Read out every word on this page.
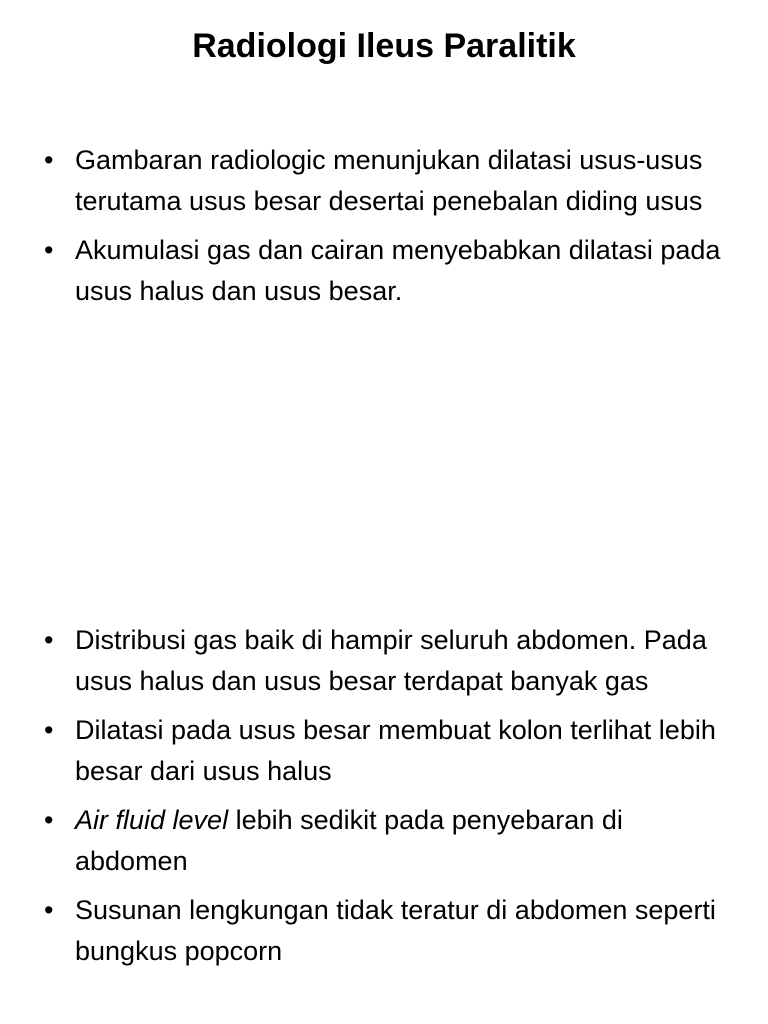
Radiologi Ileus Paralitik
• Gambaran radiologic menunjukan dilatasi usus-usus terutama usus besar desertai penebalan diding usus
• Akumulasi gas dan cairan menyebabkan dilatasi pada usus halus dan usus besar.
• Distribusi gas baik di hampir seluruh abdomen. Pada usus halus dan usus besar terdapat banyak gas
• Dilatasi pada usus besar membuat kolon terlihat lebih besar dari usus halus
• Air fluid level lebih sedikit pada penyebaran di abdomen
• Susunan lengkungan tidak teratur di abdomen seperti bungkus popcorn
